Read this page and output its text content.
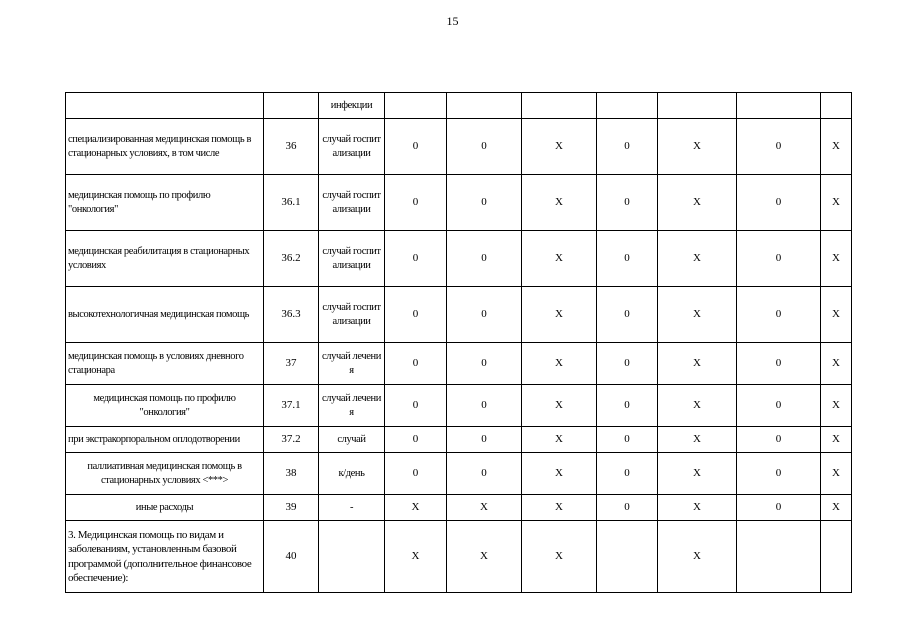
15
		инфекции							
специализированная медицинская помощь в стационарных условиях, в том числе	36	случай госпитализации	0	0	X	0	X	0	X
медицинская помощь по профилю "онкология"	36.1	случай госпитализации	0	0	X	0	X	0	X
медицинская реабилитация в стационарных условиях	36.2	случай госпитализации	0	0	X	0	X	0	X
высокотехнологичная медицинская помощь	36.3	случай госпитализации	0	0	X	0	X	0	X
медицинская помощь в условиях дневного стационара	37	случай лечения	0	0	X	0	X	0	X
медицинская помощь по профилю "онкология"	37.1	случай лечения	0	0	X	0	X	0	X
при экстракорпоральном оплодотворении	37.2	случай	0	0	X	0	X	0	X
паллиативная медицинская помощь в стационарных условиях <***>	38	к/день	0	0	X	0	X	0	X
иные расходы	39	-	X	X	X	0	X	0	X
3. Медицинская помощь по видам и заболеваниям, установленным базовой программой (дополнительное финансовое обеспечение):	40		X	X	X		X		
